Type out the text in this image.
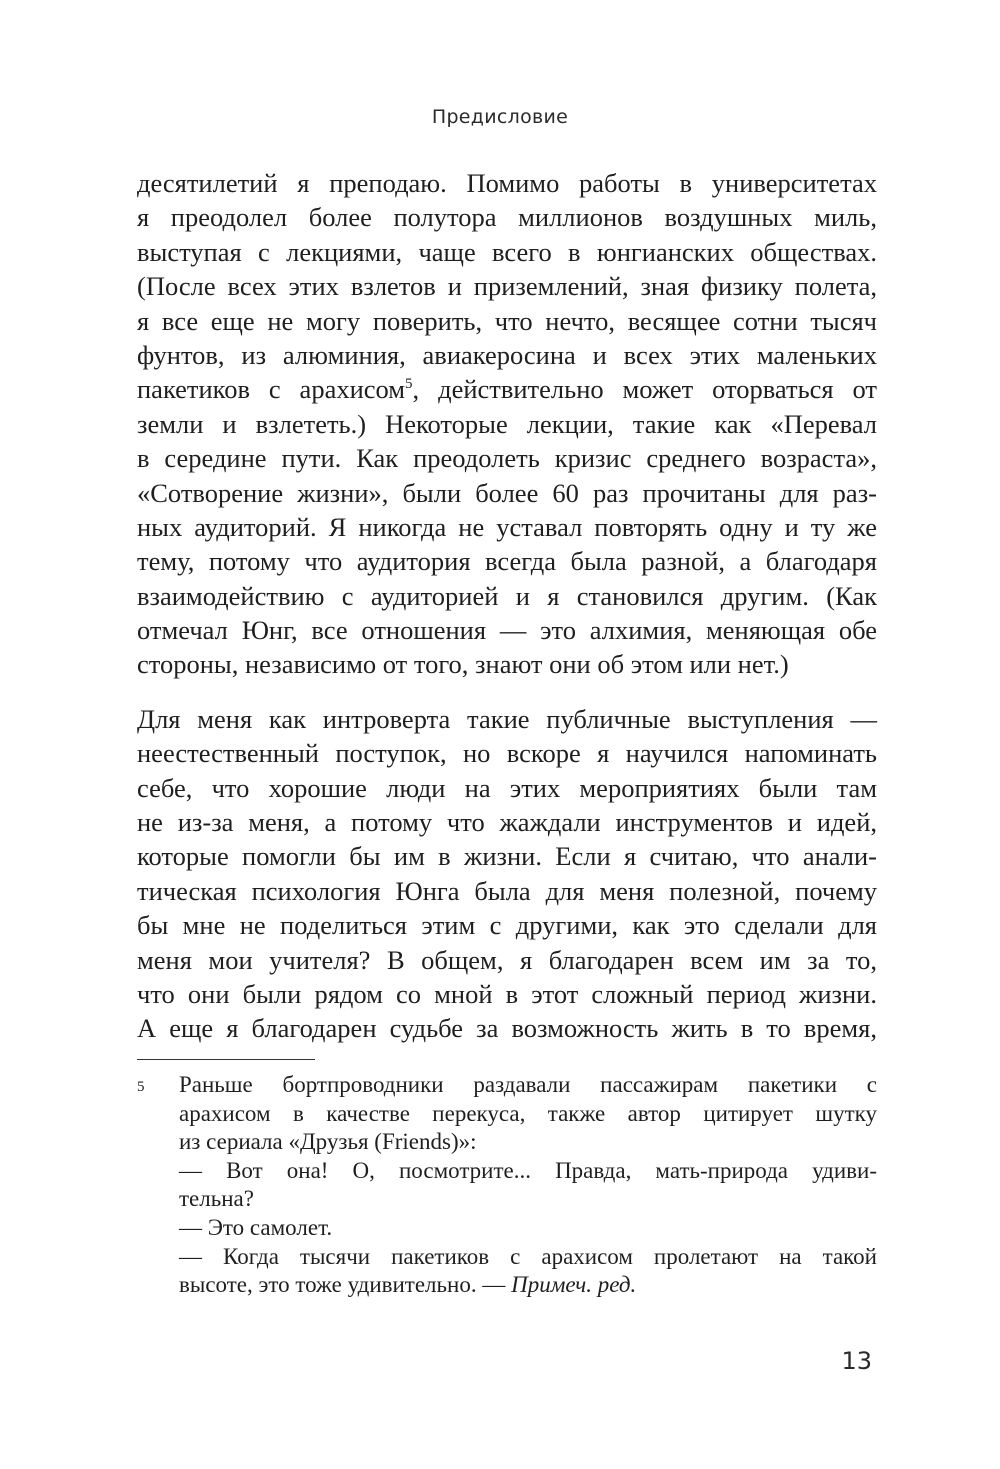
Предисловие
десятилетий я преподаю. Помимо работы в университетах
я преодолел более полутора миллионов воздушных миль,
выступая с лекциями, чаще всего в юнгианских обществах.
(После всех этих взлетов и приземлений, зная физику полета,
я все еще не могу поверить, что нечто, весящее сотни тысяч
фунтов, из алюминия, авиакеросина и всех этих маленьких
пакетиков с арахисом$^5$, действительно может оторваться от
земли и взлететь.) Некоторые лекции, такие как «Перевал
в середине пути. Как преодолеть кризис среднего возраста»,
«Сотворение жизни», были более 60 раз прочитаны для раз-
ных аудиторий. Я никогда не уставал повторять одну и ту же
тему, потому что аудитория всегда была разной, а благодаря
взаимодействию с аудиторией и я становился другим. (Как
отмечал Юнг, все отношения — это алхимия, меняющая обе
стороны, независимо от того, знают они об этом или нет.)
Для меня как интроверта такие публичные выступления —
неестественный поступок, но вскоре я научился напоминать
себе, что хорошие люди на этих мероприятиях были там
не из-за меня, а потому что жаждали инструментов и идей,
которые помогли бы им в жизни. Если я считаю, что анали-
тическая психология Юнга была для меня полезной, почему
бы мне не поделиться этим с другими, как это сделали для
меня мои учителя? В общем, я благодарен всем им за то,
что они были рядом со мной в этот сложный период жизни.
А еще я благодарен судьбе за возможность жить в то время,
5	Раньше бортпроводники раздавали пассажирам пакетики с
арахисом в качестве перекуса, также автор цитирует шутку
из сериала «Друзья (Friends)»:
— Вот она! О, посмотрите... Правда, мать-природа удиви-
тельна?
— Это самолет.
— Когда тысячи пакетиков с арахисом пролетают на такой
высоте, это тоже удивительно. — Примеч. ред.
13
